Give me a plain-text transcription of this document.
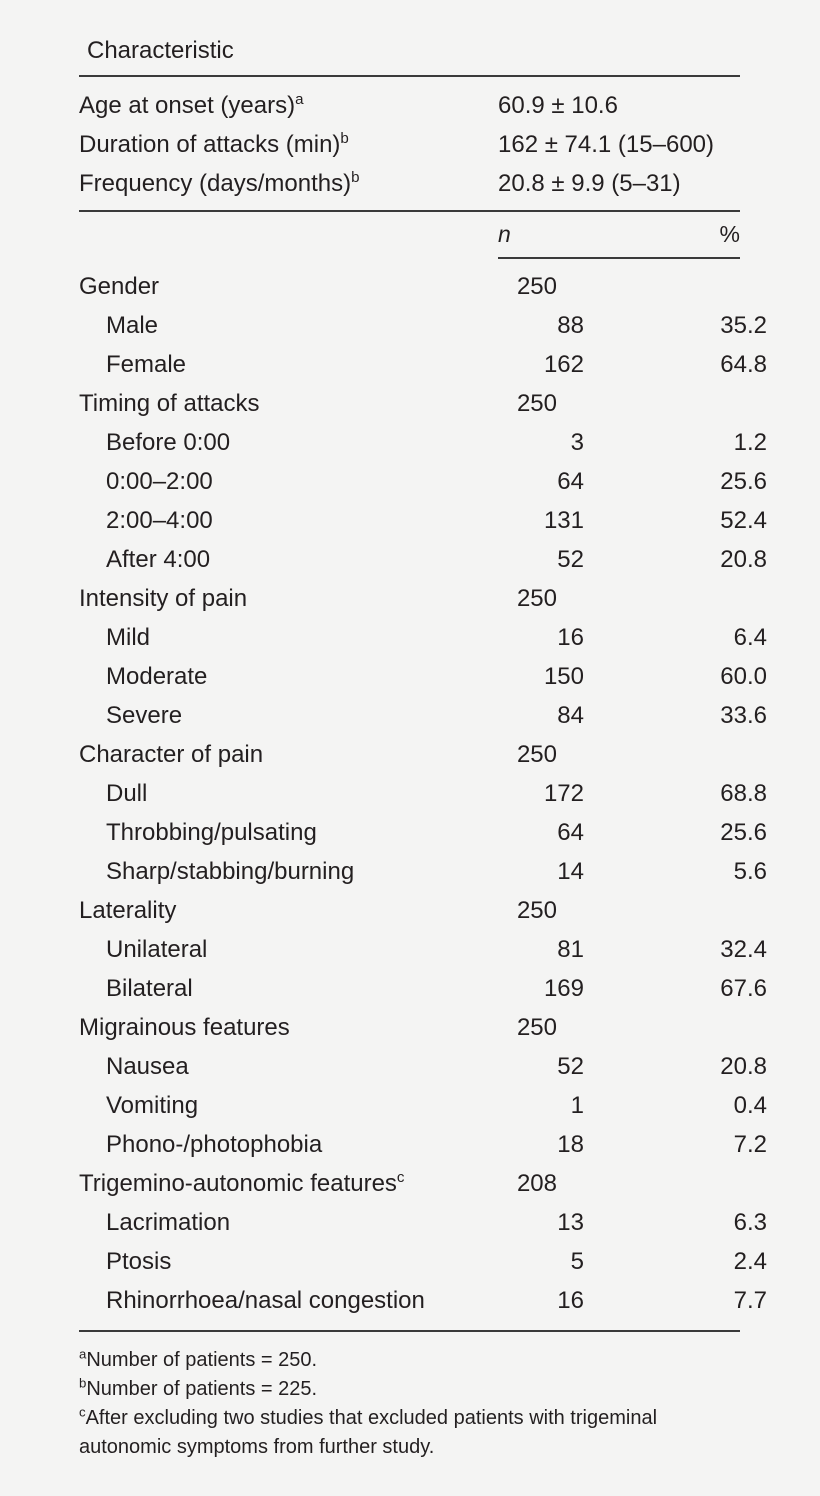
Characteristic
Age at onset (years)$^a$	60.9 ± 10.6
Duration of attacks $(\min)^b$	162 ± 74.1 (15–600)
Frequency (days/months)$^b$	20.8 ± 9.9 (5–31)
n	%
Gender	250
Male	88	35.2
Female	162	64.8
Timing of attacks	250
Before 0:00	3	1.2
0:00–2:00	64	25.6
2:00–4:00	131	52.4
After 4:00	52	20.8
Intensity of pain	250
Mild	16	6.4
Moderate	150	60.0
Severe	84	33.6
Character of pain	250
Dull	172	68.8
Throbbing/pulsating	64	25.6
Sharp/stabbing/burning	14	5.6
Laterality	250
Unilateral	81	32.4
Bilateral	169	67.6
Migrainous features	250
Nausea	52	20.8
Vomiting	1	0.4
Phono-/photophobia	18	7.2
Trigemino-autonomic features$^c$	208
Lacrimation	13	6.3
Ptosis	5	2.4
Rhinorrhoea/nasal congestion	16	7.7
$^a$Number of patients = 250.
$^b$Number of patients = 225.
$^c$After excluding two studies that excluded patients with trigeminal autonomic symptoms from further study.
